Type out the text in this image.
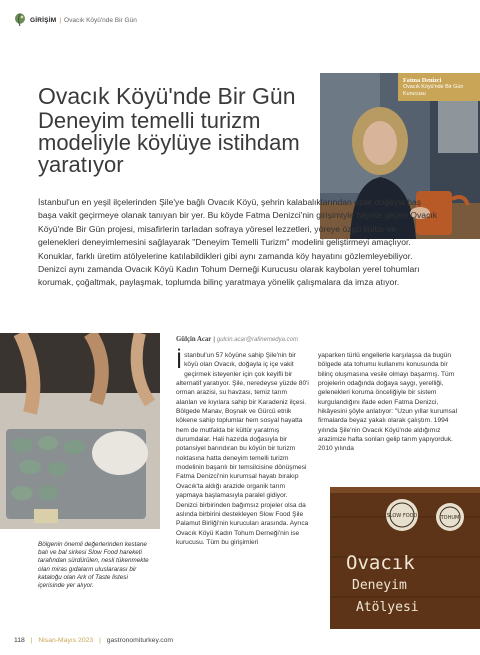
GİRİŞİM | Ovacık Köyü'nde Bir Gün
Ovacık Köyü'nde Bir Gün
Deneyim temelli turizm modeliyle köylüye istihdam yaratıyor
Fatma Denizci
Ovacık Köyü'nde Bir Gün Kurucusu
İstanbul'un en yeşil ilçelerinden Şile'ye bağlı Ovacık Köyü, şehrin kalabalıklarından uzak doğayla baş başa vakit geçirmeye olanak tanıyan bir yer. Bu köyde Fatma Denizci'nin girişimiyle hayata geçen Ovacık Köyü'nde Bir Gün projesi, misafirlerin tarladan sofraya yöresel lezzetleri, yöreye özgü kültür ve gelenekleri deneyimlemesini sağlayarak "Deneyim Temelli Turizm" modelini geliştirmeyi amaçlıyor. Konuklar, farklı üretim atölyelerine katılabildikleri gibi aynı zamanda köy hayatını gözlemleyebiliyor. Denizci aynı zamanda Ovacık Köyü Kadın Tohum Derneği Kurucusu olarak kaybolan yerel tohumları korumak, çoğaltmak, paylaşmak, toplumda bilinç yaratmaya yönelik çalışmalara da imza atıyor.
Bölgenin önemli değerlerinden kestane balı ve bal sirkesi Slow Food hareketi tarafından sürdürülen, nesli tükenmekte olan miras gıdaların uluslararası bir kataloğu olan Ark of Taste listesi içerisinde yer alıyor.
Gülçin Acar | gulcin.acar@rafinemedya.com
İstanbul'un 57 köyüne sahip Şile'nin bir köyü olan Ovacık, doğayla iç içe vakit geçirmek isteyenler için çok keyifli bir alternatif yaratıyor. Şile, neredeyse yüzde 80'i orman arazisi, su havzası, temiz tarım alanları ve kıyılara sahip bir Karadeniz ilçesi. Bölgede Manav, Boşnak ve Gürcü etnik kökene sahip toplumlar hem sosyal hayatta hem de mutfakta bir kültür yaratmış durumdalar. Hali hazırda doğasıyla bir potansiyel barındıran bu köyün bir turizm noktasına hatta deneyim temelli turizm modelinin başarılı bir temsilcisine dönüşmesi Fatma Denizci'nin kurumsal hayatı bırakıp Ovacık'ta aldığı arazide organik tarım yapmaya başlamasıyla paralel gidiyor. Denizci birbirinden bağımsız projeler olsa da aslında birbirini destekleyen Slow Food Şile Palamut Birliği'nin kurucuları arasında. Ayrıca Ovacık Köyü Kadın Tohum Derneği'nin ise kurucusu. Tüm bu girişimleri
yaparken türlü engellerle karşılaşsa da bugün bölgede ata tohumu kullanımı konusunda bir bilinç oluşmasına vesile olmayı başarmış. Tüm projelerin odağında doğaya saygı, yerelliği, gelenekleri koruma önceliğiyle bir sistem kurgulandığını ifade eden Fatma Denizci, hikâyesini şöyle anlatıyor: "Uzun yıllar kurumsal firmalarda beyaz yakalı olarak çalıştım. 1994 yılında Şile'nin Ovacık Köyü'nde aldığımız arazimize hafta sonları gelip tarım yapıyorduk. 2010 yılında
SLOW FOOD	TOHUM
Ovacık
Deneyim
Atölyesi
118 | Nisan-Mayıs 2023 | gastronomiturkey.com
